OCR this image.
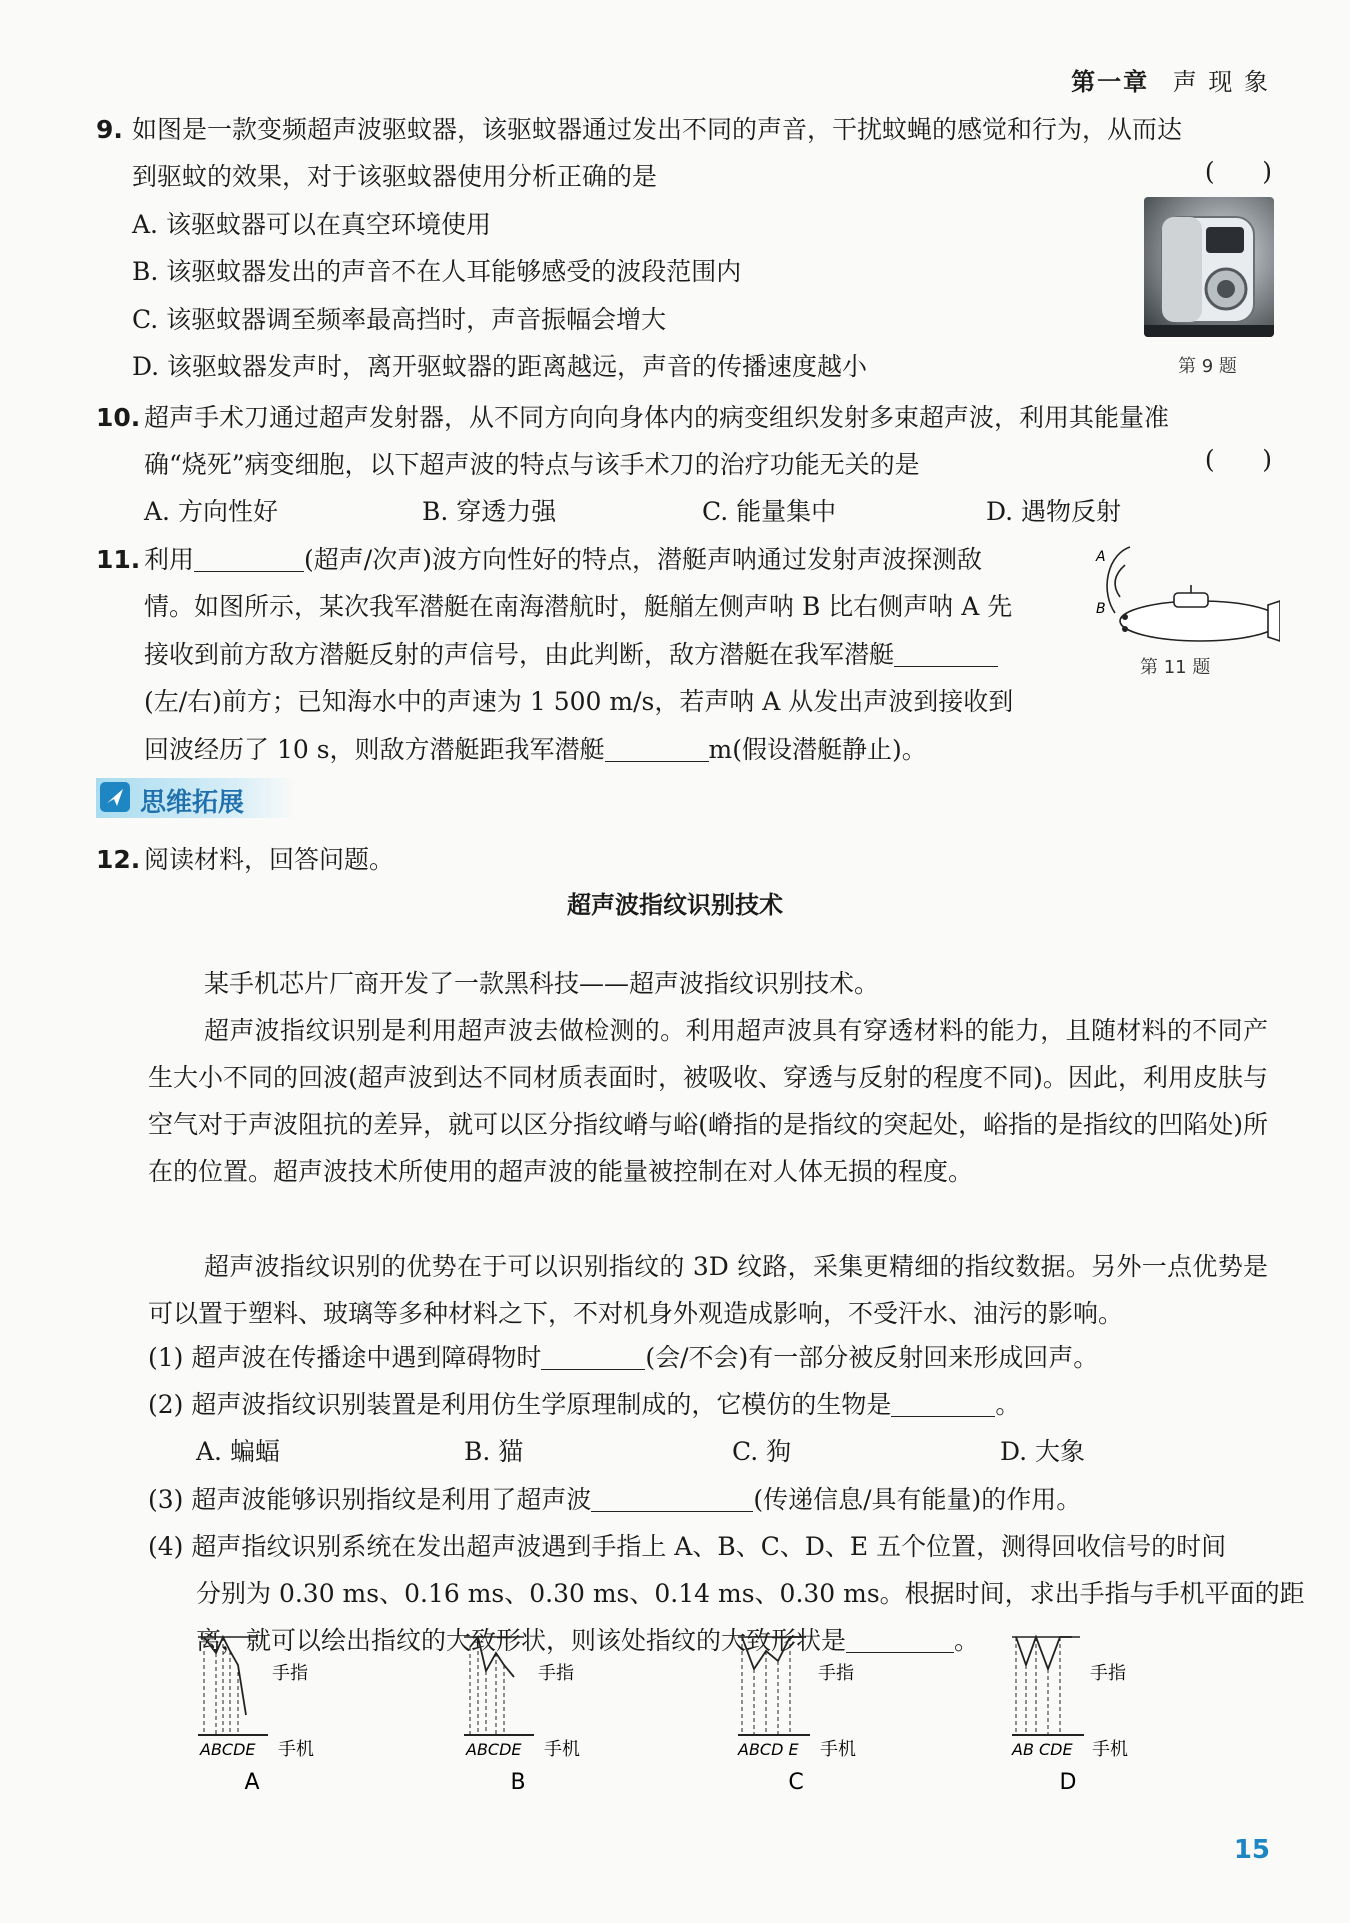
第一章 声 现 象
9. 如图是一款变频超声波驱蚊器，该驱蚊器通过发出不同的声音，干扰蚊蝇的感觉和行为，从而达
到驱蚊的效果，对于该驱蚊器使用分析正确的是	(      )
A. 该驱蚊器可以在真空环境使用
B. 该驱蚊器发出的声音不在人耳能够感受的波段范围内
C. 该驱蚊器调至频率最高挡时，声音振幅会增大
D. 该驱蚊器发声时，离开驱蚊器的距离越远，声音的传播速度越小	第 9 题
10. 超声手术刀通过超声发射器，从不同方向向身体内的病变组织发射多束超声波，利用其能量准
确“烧死”病变细胞，以下超声波的特点与该手术刀的治疗功能无关的是	(      )
A. 方向性好	B. 穿透力强	C. 能量集中	D. 遇物反射
11. 利用	(超声/次声)波方向性好的特点，潜艇声呐通过发射声波探测敌
情。如图所示，某次我军潜艇在南海潜航时，艇艏左侧声呐 B 比右侧声呐 A 先
接收到前方敌方潜艇反射的声信号，由此判断，敌方潜艇在我军潜艇
(左/右)前方；已知海水中的声速为 1 500 m/s，若声呐 A 从发出声波到接收到
回波经历了 10 s，则敌方潜艇距我军潜艇	m(假设潜艇静止)。
A
B
第 11 题
思维拓展
12. 阅读材料，回答问题。
超声波指纹识别技术
某手机芯片厂商开发了一款黑科技——超声波指纹识别技术。
超声波指纹识别是利用超声波去做检测的。利用超声波具有穿透材料的能力，且随材料的不同产生大小不同的回波(超声波到达不同材质表面时，被吸收、穿透与反射的程度不同)。因此，利用皮肤与空气对于声波阻抗的差异，就可以区分指纹嵴与峪(嵴指的是指纹的突起处，峪指的是指纹的凹陷处)所在的位置。超声波技术所使用的超声波的能量被控制在对人体无损的程度。
超声波指纹识别的优势在于可以识别指纹的 3D 纹路，采集更精细的指纹数据。另外一点优势是可以置于塑料、玻璃等多种材料之下，不对机身外观造成影响，不受汗水、油污的影响。
(1) 超声波在传播途中遇到障碍物时	(会/不会)有一部分被反射回来形成回声。
(2) 超声波指纹识别装置是利用仿生学原理制成的，它模仿的生物是	。
A. 蝙蝠	B. 猫	C. 狗	D. 大象
(3) 超声波能够识别指纹是利用了超声波	(传递信息/具有能量)的作用。
(4) 超声指纹识别系统在发出超声波遇到手指上 A、B、C、D、E 五个位置，测得回收信号的时间
分别为 0.30 ms、0.16 ms、0.30 ms、0.14 ms、0.30 ms。根据时间，求出手指与手机平面的距
离，就可以绘出指纹的大致形状，则该处指纹的大致形状是	。
手指
ABCDE 手机
A
手指
ABCDE 手机
B
手指
ABCD E 手机
C
手指
AB CDE 手机
D
15
